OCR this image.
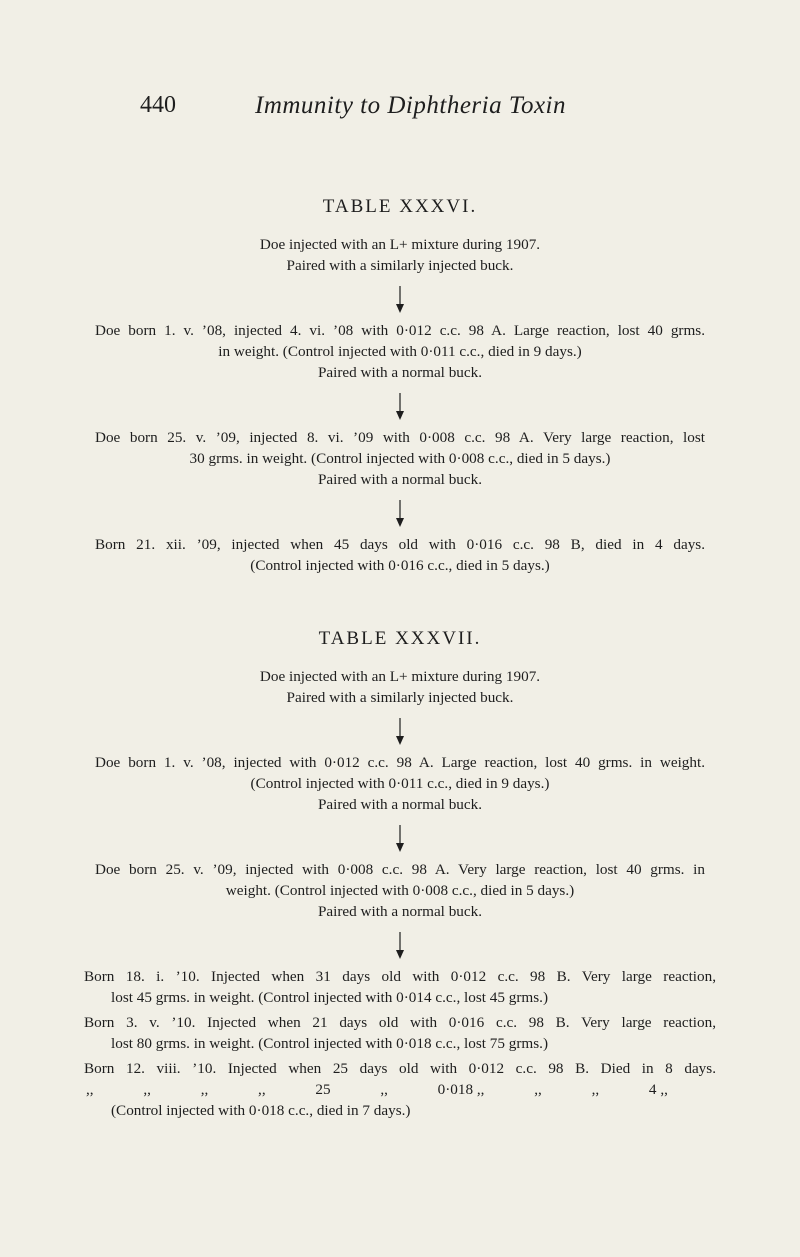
440	Immunity to Diphtheria Toxin
TABLE XXXVI.
Doe injected with an L+ mixture during 1907.
Paired with a similarly injected buck.
Doe born 1. v. ’08, injected 4. vi. ’08 with 0·012 c.c. 98 A. Large reaction, lost 40 grms.
in weight. (Control injected with 0·011 c.c., died in 9 days.)
Paired with a normal buck.
Doe born 25. v. ’09, injected 8. vi. ’09 with 0·008 c.c. 98 A. Very large reaction, lost
30 grms. in weight. (Control injected with 0·008 c.c., died in 5 days.)
Paired with a normal buck.
Born 21. xii. ’09, injected when 45 days old with 0·016 c.c. 98 B, died in 4 days.
(Control injected with 0·016 c.c., died in 5 days.)
TABLE XXXVII.
Doe injected with an L+ mixture during 1907.
Paired with a similarly injected buck.
Doe born 1. v. ’08, injected with 0·012 c.c. 98 A. Large reaction, lost 40 grms. in weight.
(Control injected with 0·011 c.c., died in 9 days.)
Paired with a normal buck.
Doe born 25. v. ’09, injected with 0·008 c.c. 98 A. Very large reaction, lost 40 grms. in
weight. (Control injected with 0·008 c.c., died in 5 days.)
Paired with a normal buck.
Born 18. i. ’10. Injected when 31 days old with 0·012 c.c. 98 B. Very large reaction,
lost 45 grms. in weight. (Control injected with 0·014 c.c., lost 45 grms.)
Born 3. v. ’10. Injected when 21 days old with 0·016 c.c. 98 B. Very large reaction,
lost 80 grms. in weight. (Control injected with 0·018 c.c., lost 75 grms.)
Born 12. viii. ’10. Injected when 25 days old with 0·012 c.c. 98 B. Died in 8 days.
,,	,,	,,	,,	25	,,	0·018 ,,	,,	,,	4 ,,
(Control injected with 0·018 c.c., died in 7 days.)
